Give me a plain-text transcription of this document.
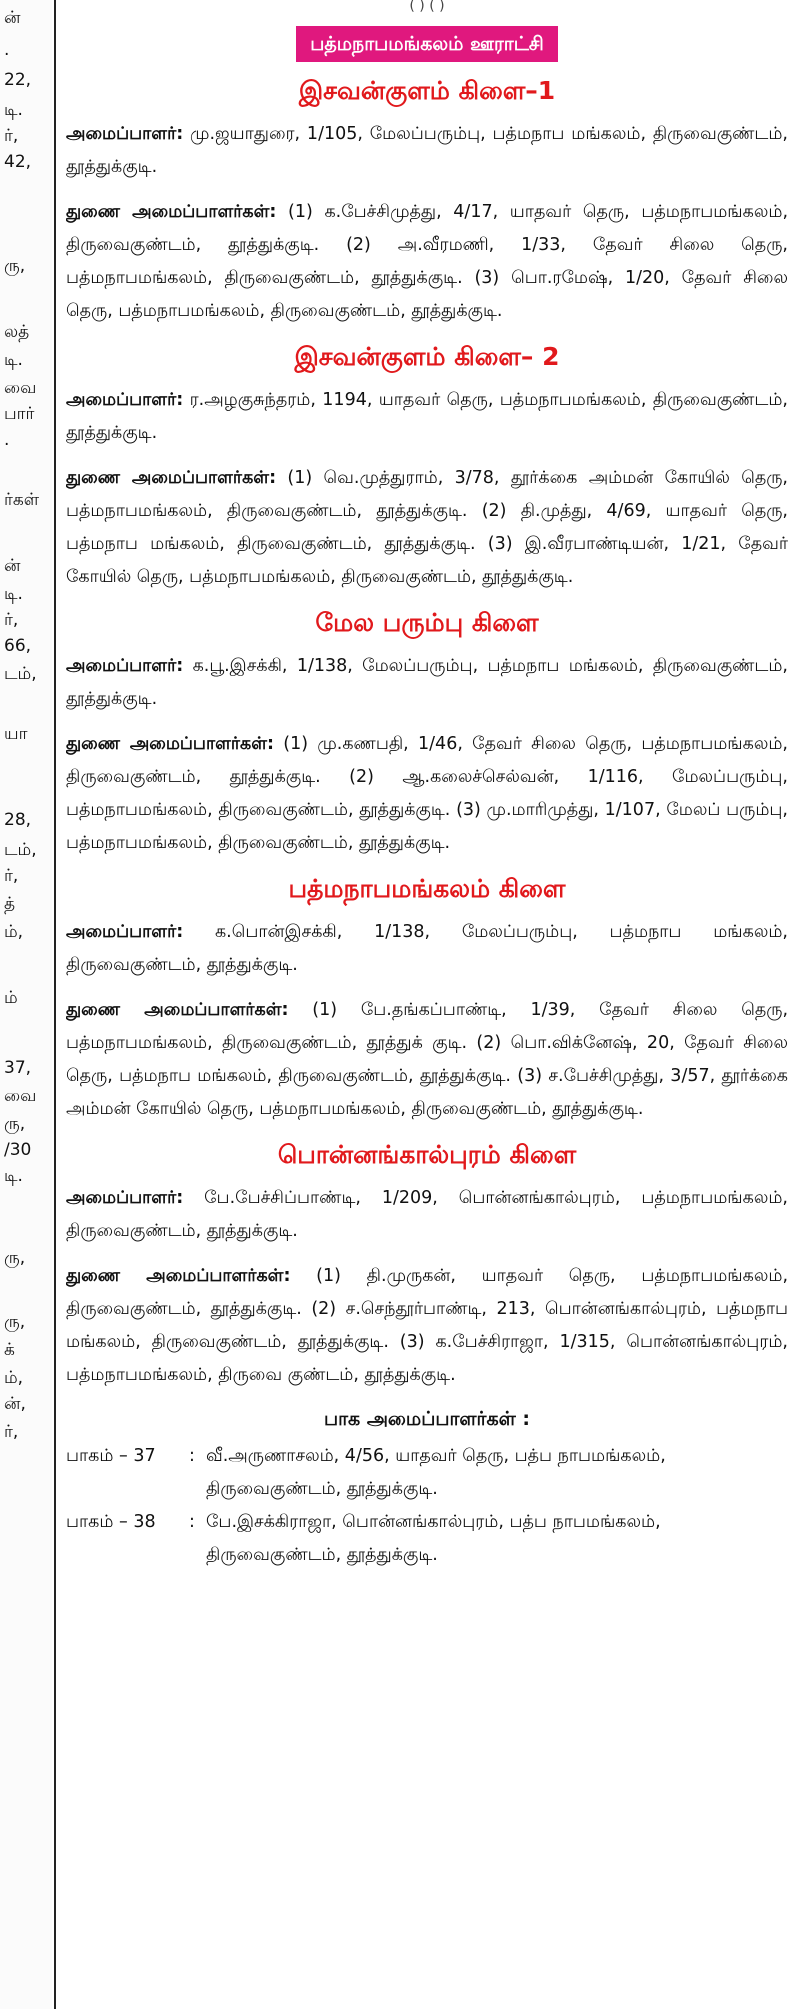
ன்
.
22,
டி.
ர்,
42,
ரு,
லத்
டி.
வை
பார்
.
ர்கள்
ன்
டி.
ர்,
66,
டம்,
யா
28,
டம்,
ர்,
த்
ம்,
ம்
37,
வை
ரு,
/30
டி.
ரு,
ரு,
க்
ம்,
ன்,
ர்,
( ) ( )
பத்மநாபமங்கலம் ஊராட்சி
இசவன்குளம் கிளை–1

அமைப்பாளர்: மு.ஜயாதுரை, 1/105, மேலப்பரும்பு, பத்மநாப மங்கலம், திருவைகுண்டம், தூத்துக்குடி.

துணை அமைப்பாளர்கள்: (1) க.பேச்சிமுத்து, 4/17, யாதவர் தெரு, பத்மநாபமங்கலம், திருவைகுண்டம், தூத்துக்குடி. (2) அ.வீரமணி, 1/33, தேவர் சிலை தெரு, பத்மநாபமங்கலம், திருவைகுண்டம், தூத்துக்குடி. (3) பொ.ரமேஷ், 1/20, தேவர் சிலை தெரு, பத்மநாபமங்கலம், திருவைகுண்டம், தூத்துக்குடி.

இசவன்குளம் கிளை– 2

அமைப்பாளர்: ர.அழகுசுந்தரம், 1194, யாதவர் தெரு, பத்மநாபமங்கலம், திருவைகுண்டம், தூத்துக்குடி.

துணை அமைப்பாளர்கள்: (1) வெ.முத்துராம், 3/78, தூர்க்கை அம்மன் கோயில் தெரு, பத்மநாபமங்கலம், திருவைகுண்டம், தூத்துக்குடி. (2) தி.முத்து, 4/69, யாதவர் தெரு, பத்மநாப மங்கலம், திருவைகுண்டம், தூத்துக்குடி. (3) இ.வீரபாண்டியன், 1/21, தேவர் கோயில் தெரு, பத்மநாபமங்கலம், திருவைகுண்டம், தூத்துக்குடி.

மேல பரும்பு கிளை

அமைப்பாளர்: க.பூ.இசக்கி, 1/138, மேலப்பரும்பு, பத்மநாப மங்கலம், திருவைகுண்டம், தூத்துக்குடி.

துணை அமைப்பாளர்கள்: (1) மு.கணபதி, 1/46, தேவர் சிலை தெரு, பத்மநாபமங்கலம், திருவைகுண்டம், தூத்துக்குடி. (2) ஆ.கலைச்செல்வன், 1/116, மேலப்பரும்பு, பத்மநாபமங்கலம், திருவைகுண்டம், தூத்துக்குடி. (3) மு.மாரிமுத்து, 1/107, மேலப் பரும்பு, பத்மநாபமங்கலம், திருவைகுண்டம், தூத்துக்குடி.

பத்மநாபமங்கலம் கிளை

அமைப்பாளர்: க.பொன்இசக்கி, 1/138, மேலப்பரும்பு, பத்மநாப மங்கலம், திருவைகுண்டம், தூத்துக்குடி.

துணை அமைப்பாளர்கள்: (1) பே.தங்கப்பாண்டி, 1/39, தேவர் சிலை தெரு, பத்மநாபமங்கலம், திருவைகுண்டம், தூத்துக் குடி. (2) பொ.விக்னேஷ், 20, தேவர் சிலை தெரு, பத்மநாப மங்கலம், திருவைகுண்டம், தூத்துக்குடி. (3) ச.பேச்சிமுத்து, 3/57, தூர்க்கை அம்மன் கோயில் தெரு, பத்மநாபமங்கலம், திருவைகுண்டம், தூத்துக்குடி.

பொன்னங்கால்புரம் கிளை

அமைப்பாளர்: பே.பேச்சிப்பாண்டி, 1/209, பொன்னங்கால்புரம், பத்மநாபமங்கலம், திருவைகுண்டம், தூத்துக்குடி.

துணை அமைப்பாளர்கள்: (1) தி.முருகன், யாதவர் தெரு, பத்மநாபமங்கலம், திருவைகுண்டம், தூத்துக்குடி. (2) ச.செந்தூர்பாண்டி, 213, பொன்னங்கால்புரம், பத்மநாப மங்கலம், திருவைகுண்டம், தூத்துக்குடி. (3) க.பேச்சிராஜா, 1/315, பொன்னங்கால்புரம், பத்மநாபமங்கலம், திருவை குண்டம், தூத்துக்குடி.

பாக அமைப்பாளர்கள் :
பாகம் – 37	: வீ.அருணாசலம், 4/56, யாதவர் தெரு, பத்ப நாபமங்கலம், திருவைகுண்டம், தூத்துக்குடி.
பாகம் – 38	: பே.இசக்கிராஜா, பொன்னங்கால்புரம், பத்ப நாபமங்கலம், திருவைகுண்டம், தூத்துக்குடி.
